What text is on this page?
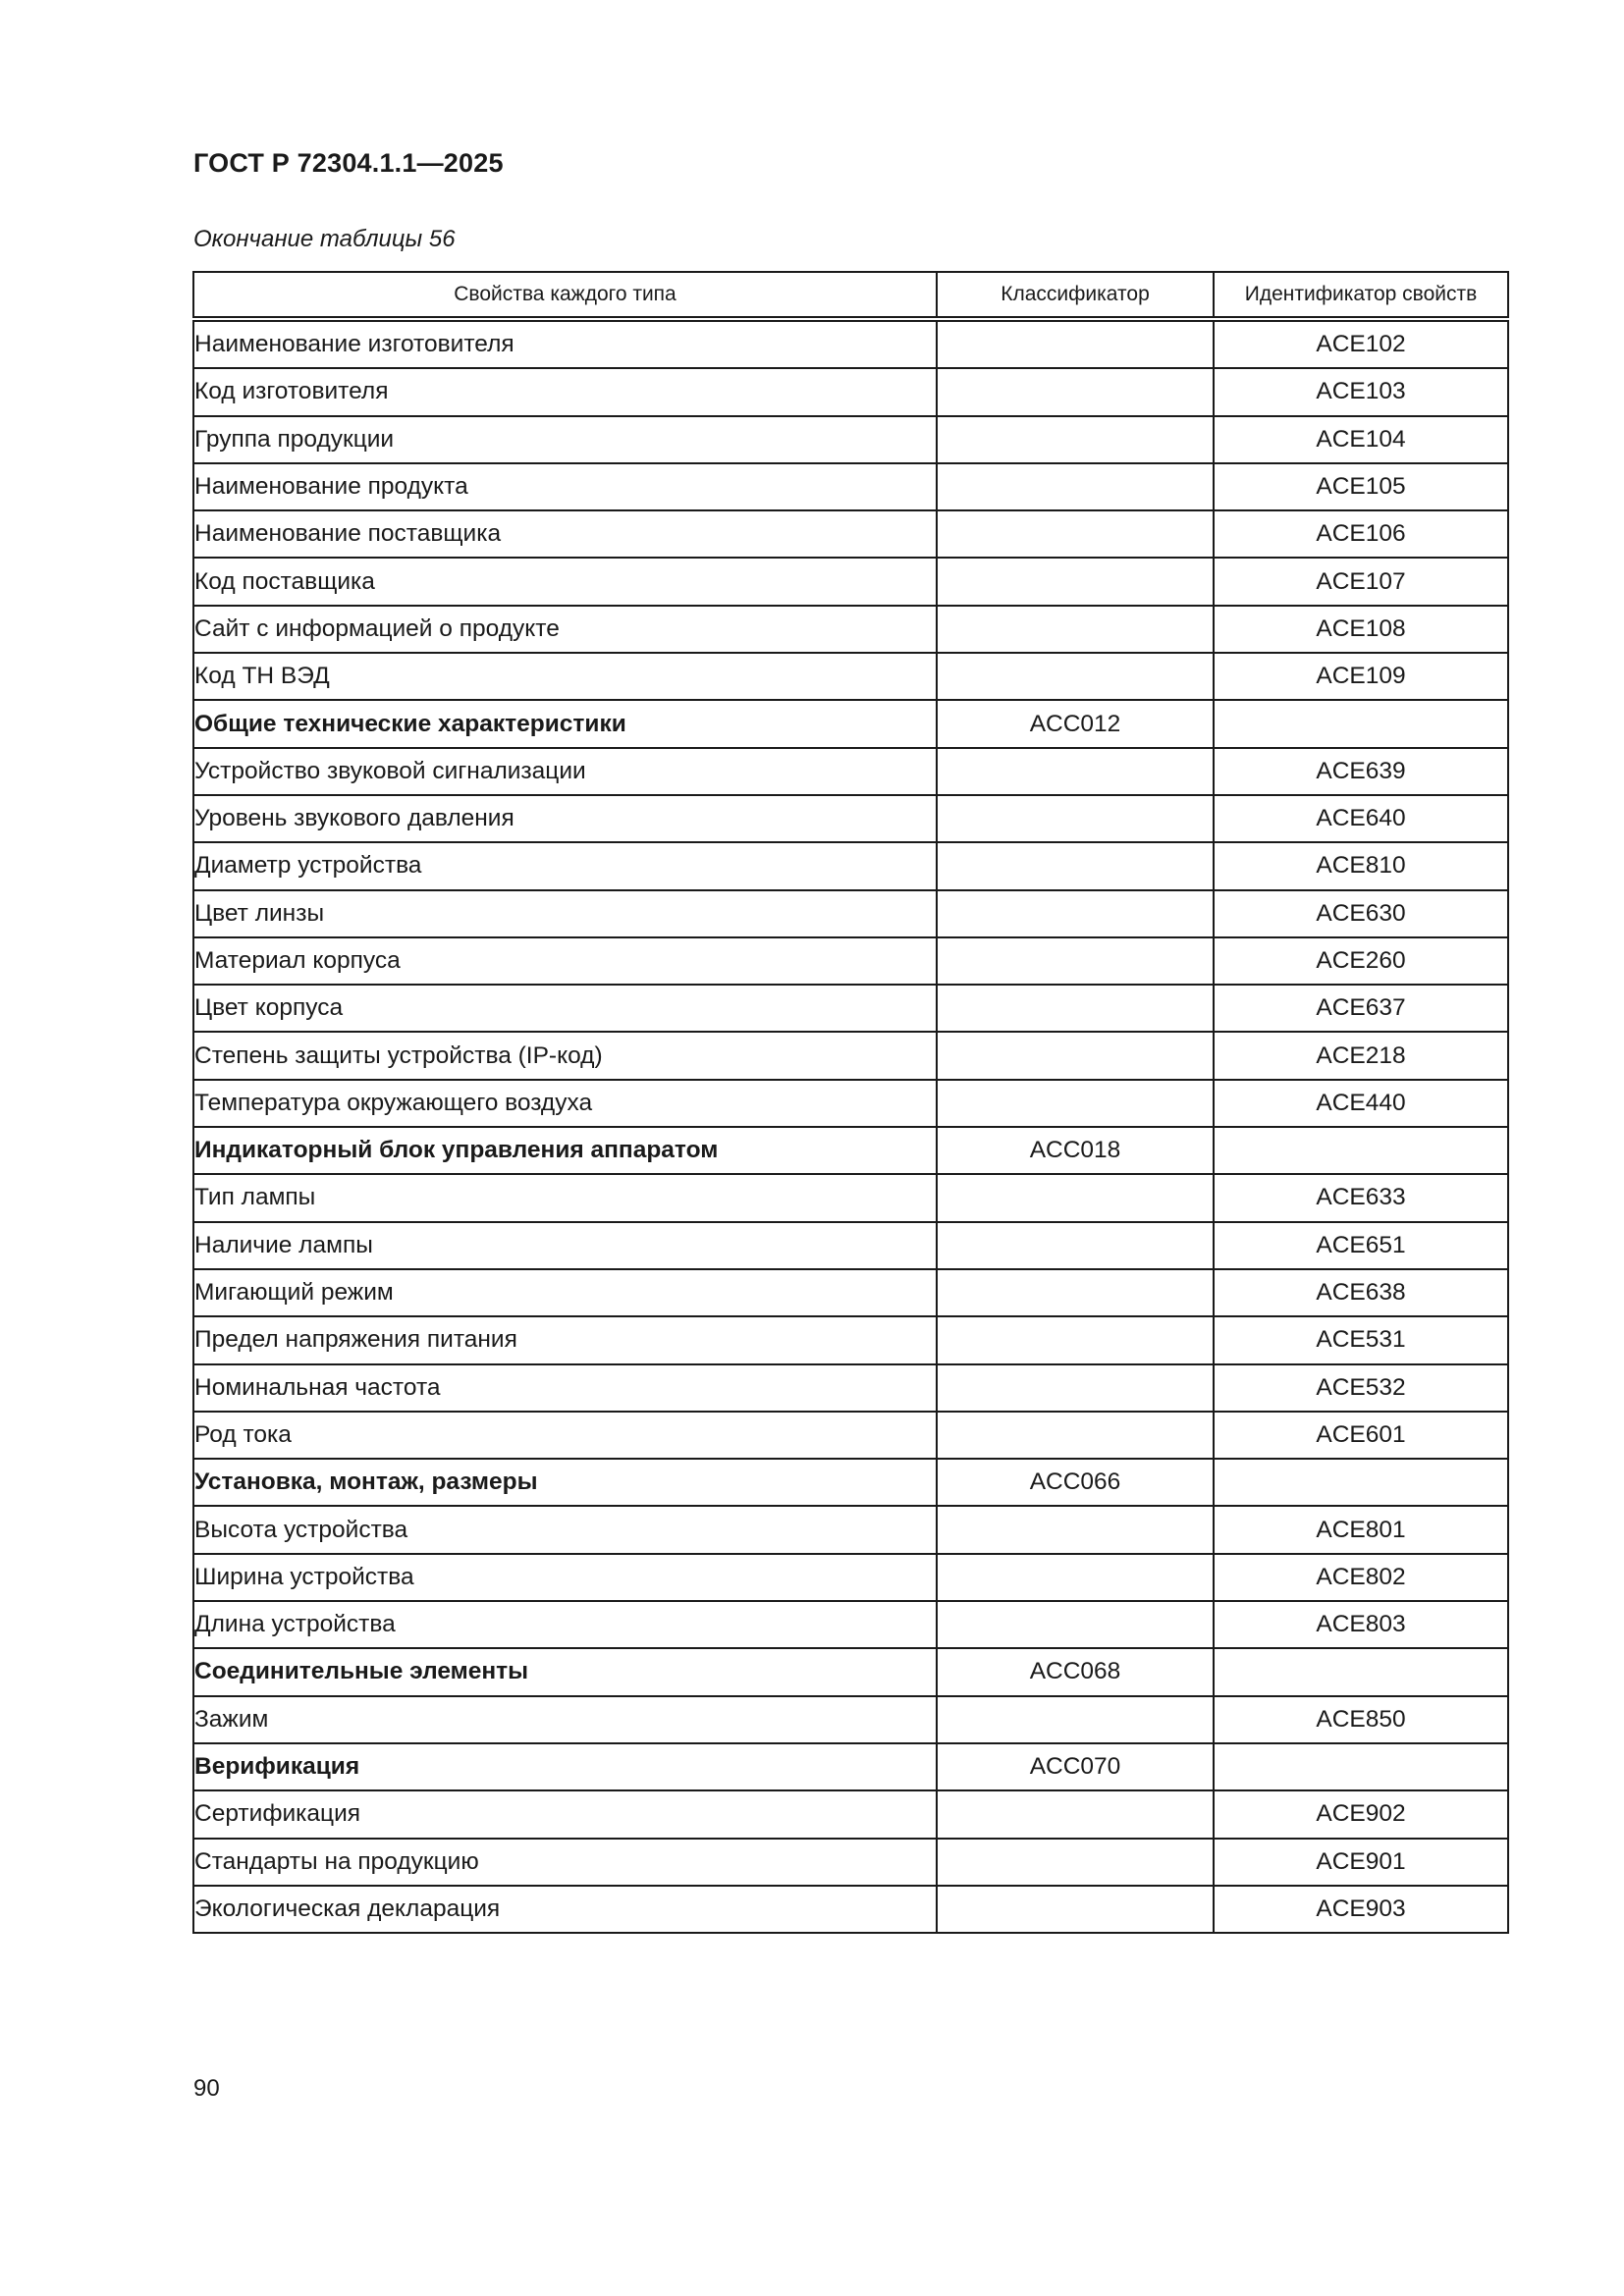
ГОСТ Р 72304.1.1—2025
Окончание таблицы 56
Свойства каждого типа	Классификатор	Идентификатор свойств
Наименование изготовителя		ACE102
Код изготовителя		ACE103
Группа продукции		ACE104
Наименование продукта		ACE105
Наименование поставщика		ACE106
Код поставщика		ACE107
Сайт с информацией о продукте		ACE108
Код ТН ВЭД		ACE109
Общие технические характеристики	ACC012	
Устройство звуковой сигнализации		ACE639
Уровень звукового давления		ACE640
Диаметр устройства		ACE810
Цвет линзы		ACE630
Материал корпуса		ACE260
Цвет корпуса		ACE637
Степень защиты устройства (IP-код)		ACE218
Температура окружающего воздуха		ACE440
Индикаторный блок управления аппаратом	ACC018	
Тип лампы		ACE633
Наличие лампы		ACE651
Мигающий режим		ACE638
Предел напряжения питания		ACE531
Номинальная частота		ACE532
Род тока		ACE601
Установка, монтаж, размеры	ACC066	
Высота устройства		ACE801
Ширина устройства		ACE802
Длина устройства		ACE803
Соединительные элементы	ACC068	
Зажим		ACE850
Верификация	ACC070	
Сертификация		ACE902
Стандарты на продукцию		ACE901
Экологическая декларация		ACE903
90
